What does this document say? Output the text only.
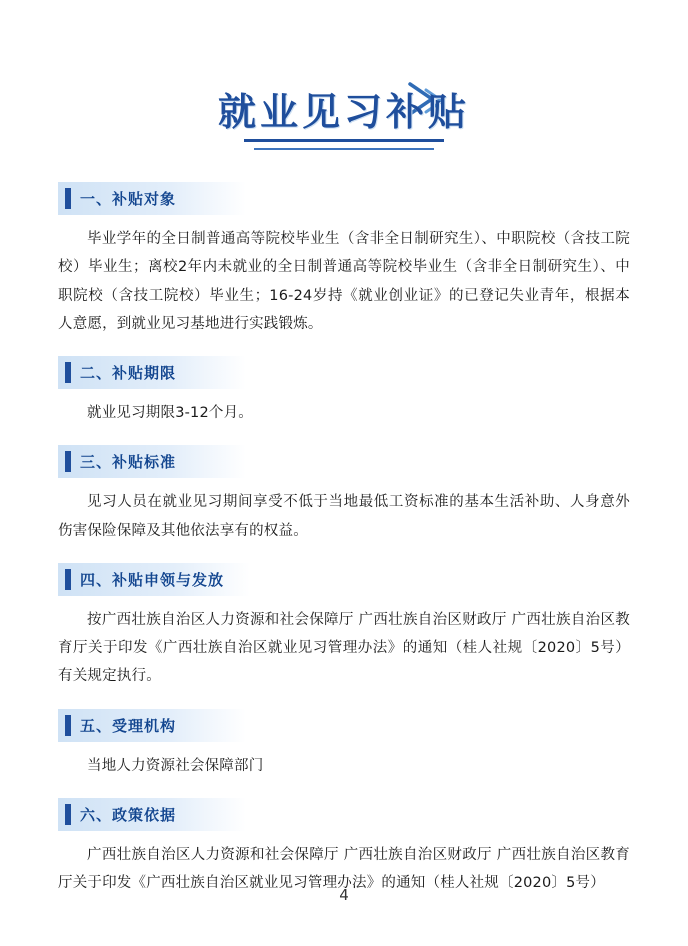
就业见习补贴
一、补贴对象

毕业学年的全日制普通高等院校毕业生（含非全日制研究生）、中职院校（含技工院校）毕业生；离校2年内未就业的全日制普通高等院校毕业生（含非全日制研究生）、中职院校（含技工院校）毕业生；16-24岁持《就业创业证》的已登记失业青年，根据本人意愿，到就业见习基地进行实践锻炼。

二、补贴期限

就业见习期限3-12个月。

三、补贴标准

见习人员在就业见习期间享受不低于当地最低工资标准的基本生活补助、人身意外伤害保险保障及其他依法享有的权益。

四、补贴申领与发放

按广西壮族自治区人力资源和社会保障厅 广西壮族自治区财政厅 广西壮族自治区教育厅关于印发《广西壮族自治区就业见习管理办法》的通知（桂人社规〔2020〕5号）有关规定执行。

五、受理机构

当地人力资源社会保障部门

六、政策依据

广西壮族自治区人力资源和社会保障厅 广西壮族自治区财政厅 广西壮族自治区教育厅关于印发《广西壮族自治区就业见习管理办法》的通知（桂人社规〔2020〕5号）

4
